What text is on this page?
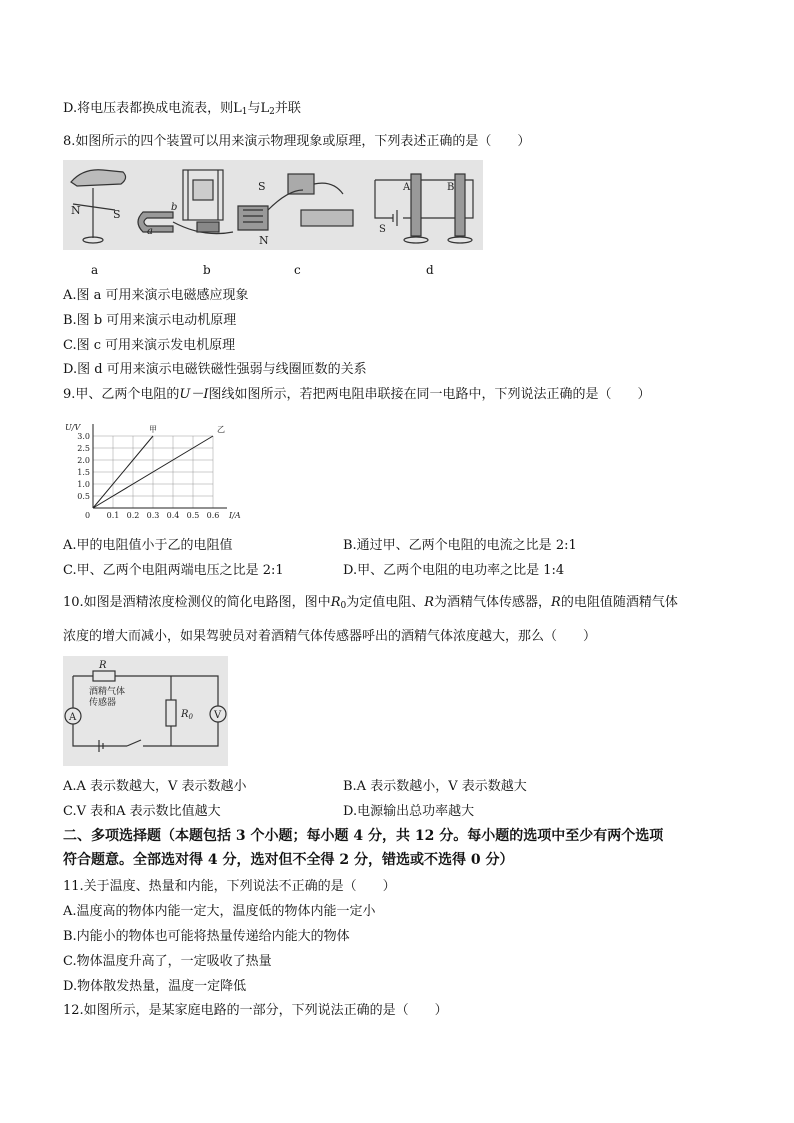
D.将电压表都换成电流表，则$L_1$与$L_2$并联
8.如图所示的四个装置可以用来演示物理现象或原理，下列表述正确的是（　　）
N	S
a
b
S
N
A	B
S
a	b	c	d
A.图 a 可用来演示电磁感应现象
B.图 b 可用来演示电动机原理
C.图 c 可用来演示发电机原理
D.图 d 可用来演示电磁铁磁性强弱与线圈匝数的关系
9.甲、乙两个电阻的U－I图线如图所示，若把两电阻串联接在同一电路中，下列说法正确的是（　　）
0.1 0.2 0.3 0.4 0.5 0.6
0.5
1.0
1.5
2.0
2.5
3.0
0	I/A
U/V	甲	乙
A.甲的电阻值小于乙的电阻值	B.通过甲、乙两个电阻的电流之比是 2:1
C.甲、乙两个电阻两端电压之比是 2:1	D.甲、乙两个电阻的电功率之比是 1:4
10.如图是酒精浓度检测仪的简化电路图，图中$R_0$为定值电阻、R为酒精气体传感器，R的电阻值随酒精气体
浓度的增大而减小，如果驾驶员对着酒精气体传感器呼出的酒精气体浓度越大，那么（　　）
R
酒精气体
传感器
A	V
$R_0$
A.A 表示数越大，V 表示数越小	B.A 表示数越小，V 表示数越大
C.V 表和A 表示数比值越大	D.电源输出总功率越大
二、多项选择题（本题包括 3 个小题；每小题 4 分，共 12 分。每小题的选项中至少有两个选项
符合题意。全部选对得 4 分，选对但不全得 2 分，错选或不选得 0 分）
11.关于温度、热量和内能，下列说法不正确的是（　　）
A.温度高的物体内能一定大，温度低的物体内能一定小
B.内能小的物体也可能将热量传递给内能大的物体
C.物体温度升高了，一定吸收了热量
D.物体散发热量，温度一定降低
12.如图所示，是某家庭电路的一部分，下列说法正确的是（　　）
